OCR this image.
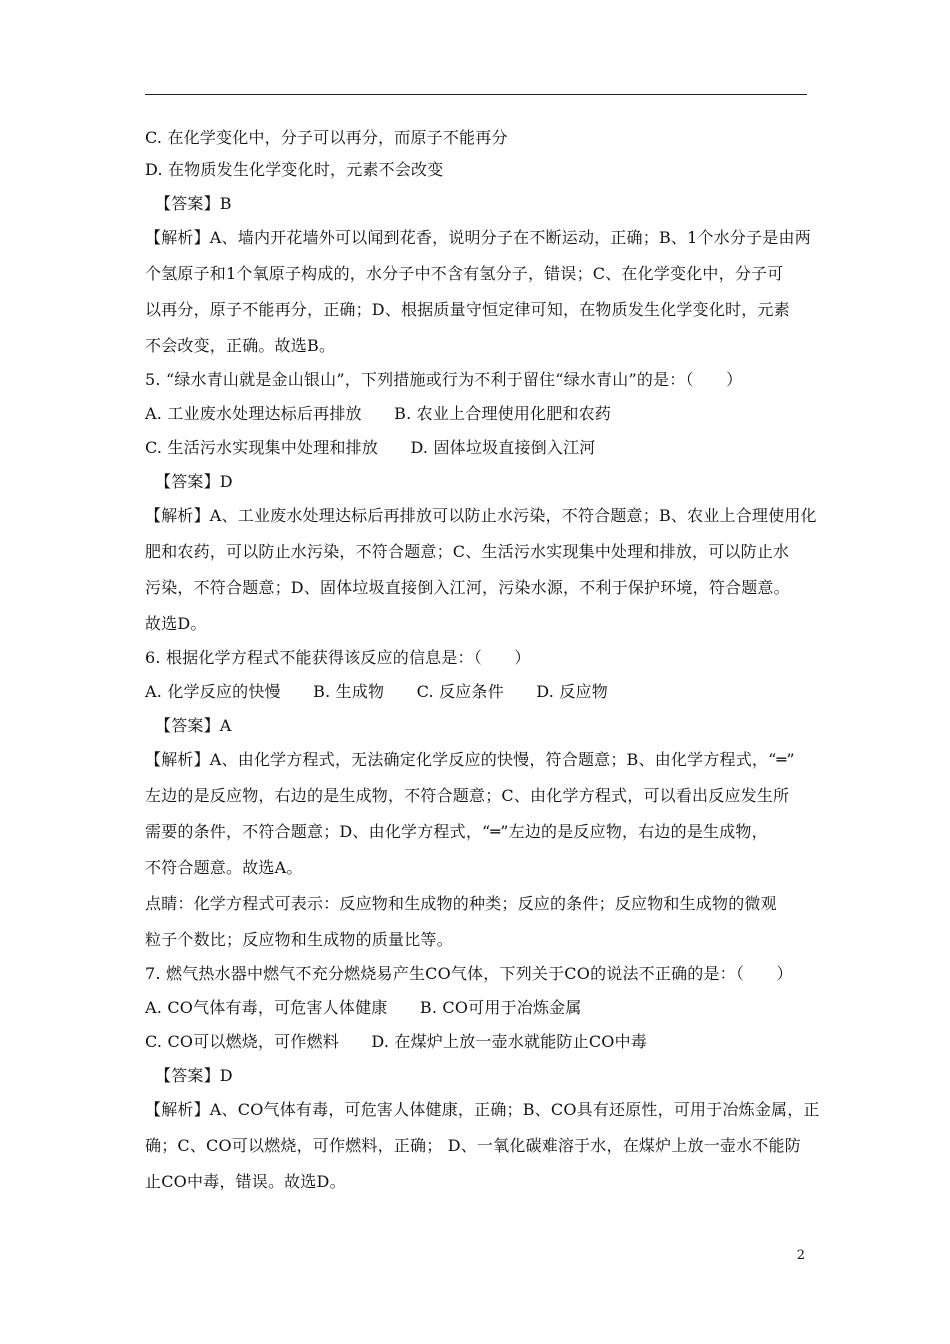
C. 在化学变化中，分子可以再分，而原子不能再分
D. 在物质发生化学变化时，元素不会改变
【答案】B
【解析】A、墙内开花墙外可以闻到花香，说明分子在不断运动，正确；B、1个水分子是由两
个氢原子和1个氧原子构成的，水分子中不含有氢分子，错误；C、在化学变化中，分子可
以再分，原子不能再分，正确；D、根据质量守恒定律可知，在物质发生化学变化时，元素
不会改变，正确。故选B。
5. “绿水青山就是金山银山”，下列措施或行为不利于留住“绿水青山”的是：（　　）
A. 工业废水处理达标后再排放　　B. 农业上合理使用化肥和农药
C. 生活污水实现集中处理和排放　　D. 固体垃圾直接倒入江河
【答案】D
【解析】A、工业废水处理达标后再排放可以防止水污染，不符合题意；B、农业上合理使用化
肥和农药，可以防止水污染，不符合题意；C、生活污水实现集中处理和排放，可以防止水
污染，不符合题意；D、固体垃圾直接倒入江河，污染水源，不利于保护环境，符合题意。
故选D。
6. 根据化学方程式不能获得该反应的信息是：（　　）
A. 化学反应的快慢　　B. 生成物　　C. 反应条件　　D. 反应物
【答案】A
【解析】A、由化学方程式，无法确定化学反应的快慢，符合题意；B、由化学方程式，“═”
左边的是反应物，右边的是生成物，不符合题意；C、由化学方程式，可以看出反应发生所
需要的条件，不符合题意；D、由化学方程式，“═”左边的是反应物，右边的是生成物，
不符合题意。故选A。
点睛：化学方程式可表示：反应物和生成物的种类；反应的条件；反应物和生成物的微观
粒子个数比；反应物和生成物的质量比等。
7. 燃气热水器中燃气不充分燃烧易产生CO气体，下列关于CO的说法不正确的是：（　　）
A. CO气体有毒，可危害人体健康　　B. CO可用于冶炼金属
C. CO可以燃烧，可作燃料　　D. 在煤炉上放一壶水就能防止CO中毒
【答案】D
【解析】A、CO气体有毒，可危害人体健康，正确；B、CO具有还原性，可用于冶炼金属，正
确；C、CO可以燃烧，可作燃料，正确； D、一氧化碳难溶于水，在煤炉上放一壶水不能防
止CO中毒，错误。故选D。
2
